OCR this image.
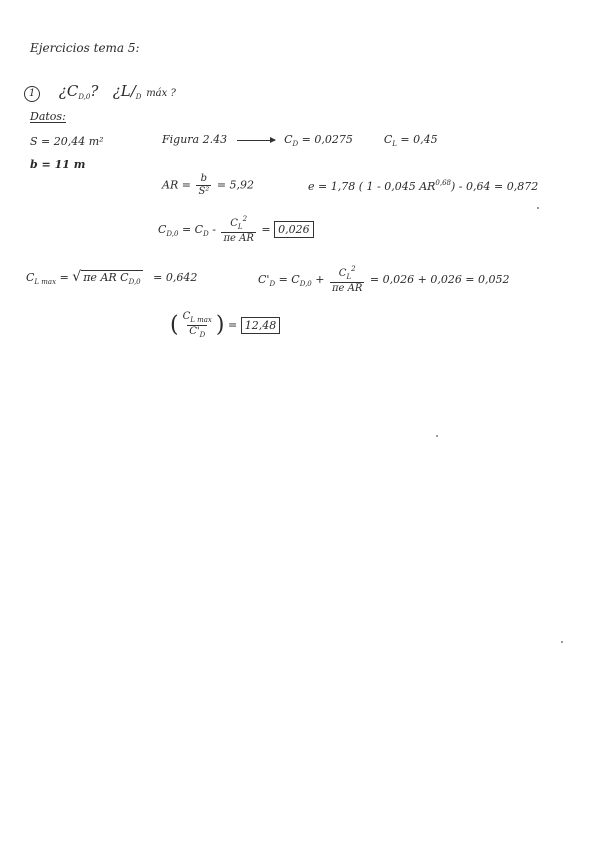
Ejercicios tema 5:
1 ¿$C_{D,0}$? ¿$L/_D$ máx ?
Datos:
S = 20,44 m²
b = 11 m
Figura 2.43	$C_D = 0,0275$	$C_L = 0,45$
AR = $\frac{b}{\text{S²}} = 5,92$	e = 1,78 ( 1 - 0,045 AR$^{0,68}$) - 0,64 = 0,872
$C_{D,0} = C_D - \frac{C_L^2}{\text{πe AR}} = 0,026$
$C_{L max}$ = √ πe AR $C_{D,0} = 0,642$	$C'_D = C_{D,0} + \frac{C_L^2}{\text{πe AR}} = 0,026 + 0,026 = 0,052$
( $\frac{C_{L max}}{C'_D}$ ) = 12,48
